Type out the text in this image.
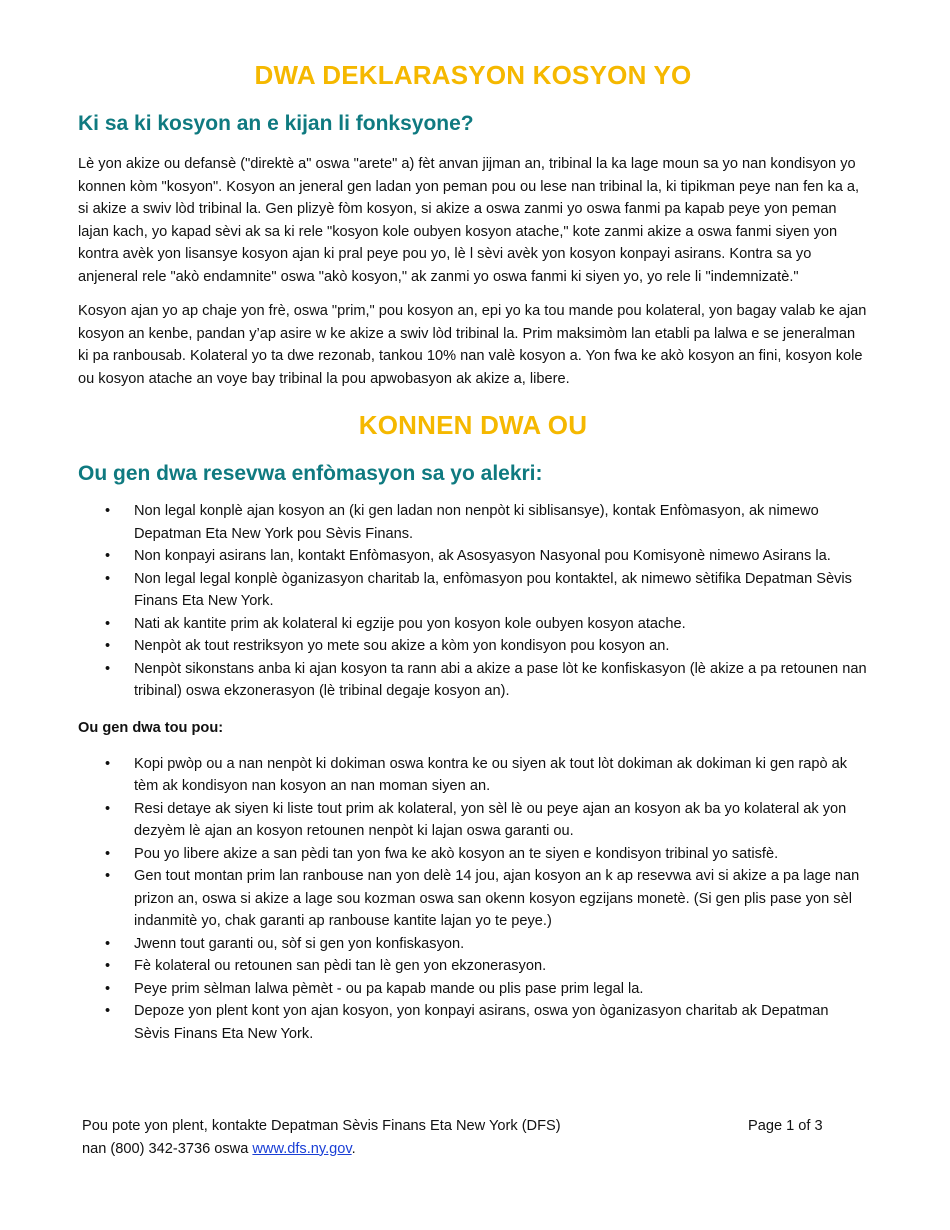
DWA DEKLARASYON KOSYON YO
Ki sa ki kosyon an e kijan li fonksyone?

Lè yon akize ou defansè ("direktè a" oswa "arete" a) fèt anvan jijman an, tribinal la ka lage moun sa yo nan kondisyon yo konnen kòm "kosyon". Kosyon an jeneral gen ladan yon peman pou ou lese nan tribinal la, ki tipikman peye nan fen ka a, si akize a swiv lòd tribinal la. Gen plizyè fòm kosyon, si akize a oswa zanmi yo oswa fanmi pa kapab peye yon peman lajan kach, yo kapad sèvi ak sa ki rele "kosyon kole oubyen kosyon atache," kote zanmi akize a oswa fanmi siyen yon kontra avèk yon lisansye kosyon ajan ki pral peye pou yo, lè l sèvi avèk yon kosyon konpayi asirans. Kontra sa yo anjeneral rele "akò endamnite" oswa "akò kosyon," ak zanmi yo oswa fanmi ki siyen yo, yo rele li "indemnizatè."

Kosyon ajan yo ap chaje yon frè, oswa "prim," pou kosyon an, epi yo ka tou mande pou kolateral, yon bagay valab ke ajan kosyon an kenbe, pandan y’ap asire w ke akize a swiv lòd tribinal la. Prim maksimòm lan etabli pa lalwa e se jeneralman ki pa ranbousab. Kolateral yo ta dwe rezonab, tankou 10% nan valè kosyon a. Yon fwa ke akò kosyon an fini, kosyon kole ou kosyon atache an voye bay tribinal la pou apwobasyon ak akize a, libere.

KONNEN DWA OU
Ou gen dwa resevwa enfòmasyon sa yo alekri:
• Non legal konplè ajan kosyon an (ki gen ladan non nenpòt ki siblisansye), kontak Enfòmasyon, ak nimewo Depatman Eta New York pou Sèvis Finans.
• Non konpayi asirans lan, kontakt Enfòmasyon, ak Asosyasyon Nasyonal pou Komisyonè nimewo Asirans la.
• Non legal legal konplè òganizasyon charitab la, enfòmasyon pou kontaktel, ak nimewo sètifika Depatman Sèvis Finans Eta New York.
• Nati ak kantite prim ak kolateral ki egzije pou yon kosyon kole oubyen kosyon atache.
• Nenpòt ak tout restriksyon yo mete sou akize a kòm yon kondisyon pou kosyon an.
• Nenpòt sikonstans anba ki ajan kosyon ta rann abi a akize a pase lòt ke konfiskasyon (lè akize a pa retounen nan tribinal) oswa ekzonerasyon (lè tribinal degaje kosyon an).
Ou gen dwa tou pou:
• Kopi pwòp ou a nan nenpòt ki dokiman oswa kontra ke ou siyen ak tout lòt dokiman ak dokiman ki gen rapò ak tèm ak kondisyon nan kosyon an nan moman siyen an.
• Resi detaye ak siyen ki liste tout prim ak kolateral, yon sèl lè ou peye ajan an kosyon ak ba yo kolateral ak yon dezyèm lè ajan an kosyon retounen nenpòt ki lajan oswa garanti ou.
• Pou yo libere akize a san pèdi tan yon fwa ke akò kosyon an te siyen e kondisyon tribinal yo satisfè.
• Gen tout montan prim lan ranbouse nan yon delè 14 jou, ajan kosyon an k ap resevwa avi si akize a pa lage nan prizon an, oswa si akize a lage sou kozman oswa san okenn kosyon egzijans monetè. (Si gen plis pase yon sèl indanmitè yo, chak garanti ap ranbouse kantite lajan yo te peye.)
• Jwenn tout garanti ou, sòf si gen yon konfiskasyon.
• Fè kolateral ou retounen san pèdi tan lè gen yon ekzonerasyon.
• Peye prim sèlman lalwa pèmèt - ou pa kapab mande ou plis pase prim legal la.
• Depoze yon plent kont yon ajan kosyon, yon konpayi asirans, oswa yon òganizasyon charitab ak Depatman Sèvis Finans Eta New York.
Pou pote yon plent, kontakte Depatman Sèvis Finans Eta New York (DFS)
nan (800) 342-3736 oswa www.dfs.ny.gov.
Page 1 of 3
